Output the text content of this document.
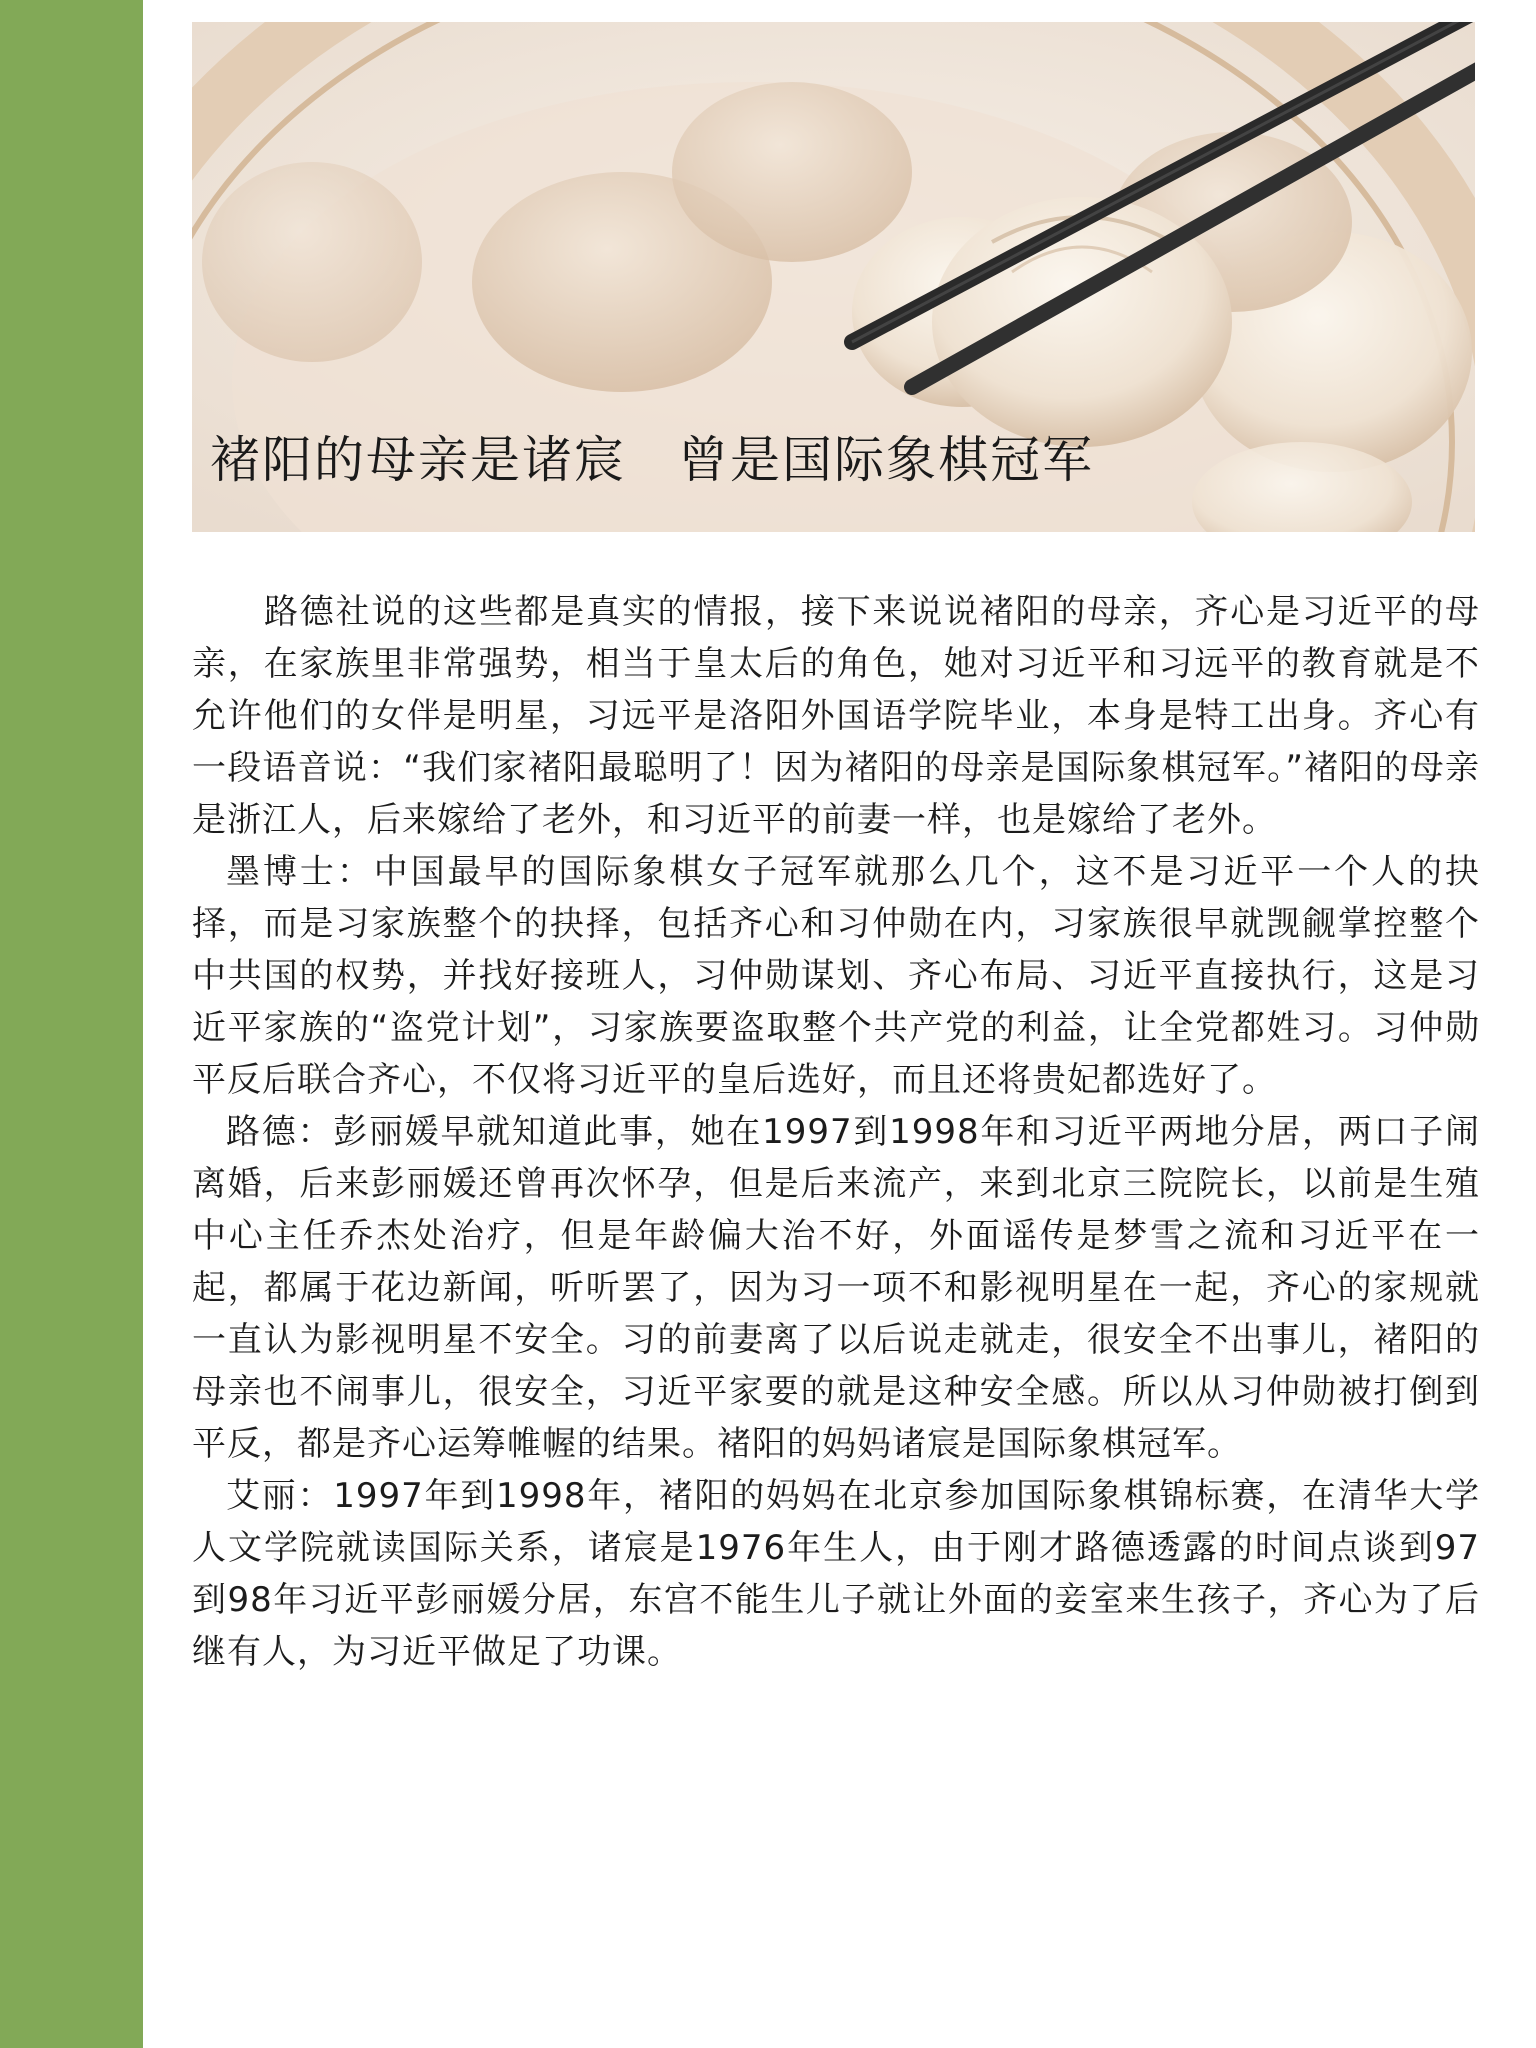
褚阳的母亲是诸宸　曾是国际象棋冠军

路德社说的这些都是真实的情报，接下来说说褚阳的母亲，齐心是习近平的母亲，在家族里非常强势，相当于皇太后的角色，她对习近平和习远平的教育就是不允许他们的女伴是明星，习远平是洛阳外国语学院毕业，本身是特工出身。齐心有一段语音说：“我们家褚阳最聪明了！因为褚阳的母亲是国际象棋冠军。”褚阳的母亲是浙江人，后来嫁给了老外，和习近平的前妻一样，也是嫁给了老外。

墨博士：中国最早的国际象棋女子冠军就那么几个，这不是习近平一个人的抉择，而是习家族整个的抉择，包括齐心和习仲勋在内，习家族很早就觊觎掌控整个中共国的权势，并找好接班人，习仲勋谋划、齐心布局、习近平直接执行，这是习近平家族的“盗党计划”，习家族要盗取整个共产党的利益，让全党都姓习。习仲勋平反后联合齐心，不仅将习近平的皇后选好，而且还将贵妃都选好了。

路德：彭丽媛早就知道此事，她在1997到1998年和习近平两地分居，两口子闹离婚，后来彭丽媛还曾再次怀孕，但是后来流产，来到北京三院院长，以前是生殖中心主任乔杰处治疗，但是年龄偏大治不好，外面谣传是梦雪之流和习近平在一起，都属于花边新闻，听听罢了，因为习一项不和影视明星在一起，齐心的家规就一直认为影视明星不安全。习的前妻离了以后说走就走，很安全不出事儿，褚阳的母亲也不闹事儿，很安全，习近平家要的就是这种安全感。所以从习仲勋被打倒到平反，都是齐心运筹帷幄的结果。褚阳的妈妈诸宸是国际象棋冠军。

艾丽：1997年到1998年，褚阳的妈妈在北京参加国际象棋锦标赛，在清华大学人文学院就读国际关系，诸宸是1976年生人，由于刚才路德透露的时间点谈到97到98年习近平彭丽媛分居，东宫不能生儿子就让外面的妾室来生孩子，齐心为了后继有人，为习近平做足了功课。
